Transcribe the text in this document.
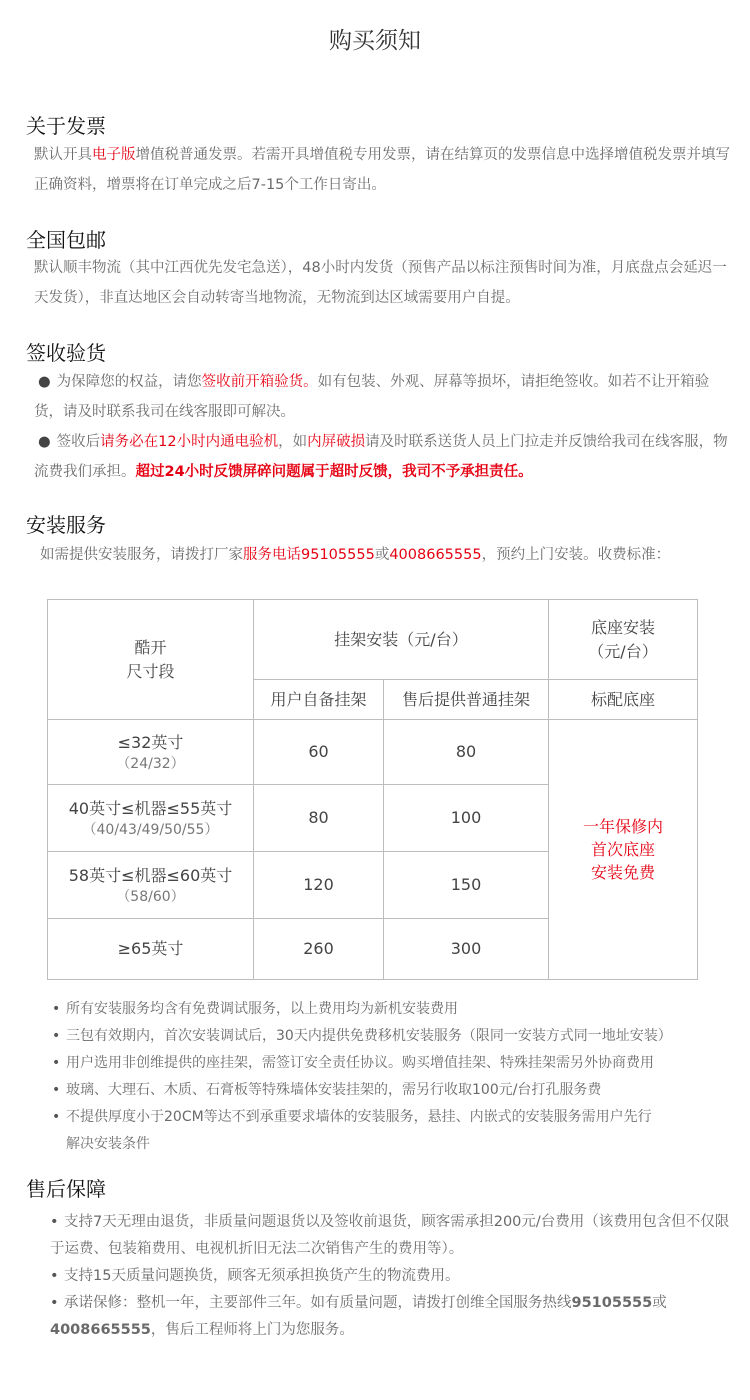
购买须知
关于发票
默认开具电子版增值税普通发票。若需开具增值税专用发票，请在结算页的发票信息中选择增值税发票并填写正确资料，增票将在订单完成之后7-15个工作日寄出。
全国包邮
默认顺丰物流（其中江西优先发宅急送），48小时内发货（预售产品以标注预售时间为准，月底盘点会延迟一天发货），非直达地区会自动转寄当地物流，无物流到达区域需要用户自提。
签收验货
● 为保障您的权益，请您签收前开箱验货。如有包装、外观、屏幕等损坏，请拒绝签收。如若不让开箱验货，请及时联系我司在线客服即可解决。
● 签收后请务必在12小时内通电验机，如内屏破损请及时联系送货人员上门拉走并反馈给我司在线客服，物流费我们承担。超过24小时反馈屏碎问题属于超时反馈，我司不予承担责任。
安装服务
如需提供安装服务，请拨打厂家服务电话95105555或4008665555，预约上门安装。收费标准：
酷开
尺寸段	挂架安装（元/台）		底座安装
（元/台）
	用户自备挂架	售后提供普通挂架	标配底座
≤32英寸
（24/32）	60	80	一年保修内
首次底座
安装免费
40英寸≤机器≤55英寸
（40/43/49/50/55）	80	100	
58英寸≤机器≤60英寸
（58/60）	120	150	
≥65英寸	260	300	
• 所有安装服务均含有免费调试服务，以上费用均为新机安装费用
• 三包有效期内，首次安装调试后，30天内提供免费移机安装服务（限同一安装方式同一地址安装）
• 用户选用非创维提供的座挂架，需签订安全责任协议。购买增值挂架、特殊挂架需另外协商费用
• 玻璃、大理石、木质、石膏板等特殊墙体安装挂架的，需另行收取100元/台打孔服务费
• 不提供厚度小于20CM等达不到承重要求墙体的安装服务，悬挂、内嵌式的安装服务需用户先行
解决安装条件
售后保障
• 支持7天无理由退货，非质量问题退货以及签收前退货，顾客需承担200元/台费用（该费用包含但不仅限于运费、包装箱费用、电视机折旧无法二次销售产生的费用等）。
• 支持15天质量问题换货，顾客无须承担换货产生的物流费用。
• 承诺保修：整机一年，主要部件三年。如有质量问题，请拨打创维全国服务热线95105555或4008665555，售后工程师将上门为您服务。
